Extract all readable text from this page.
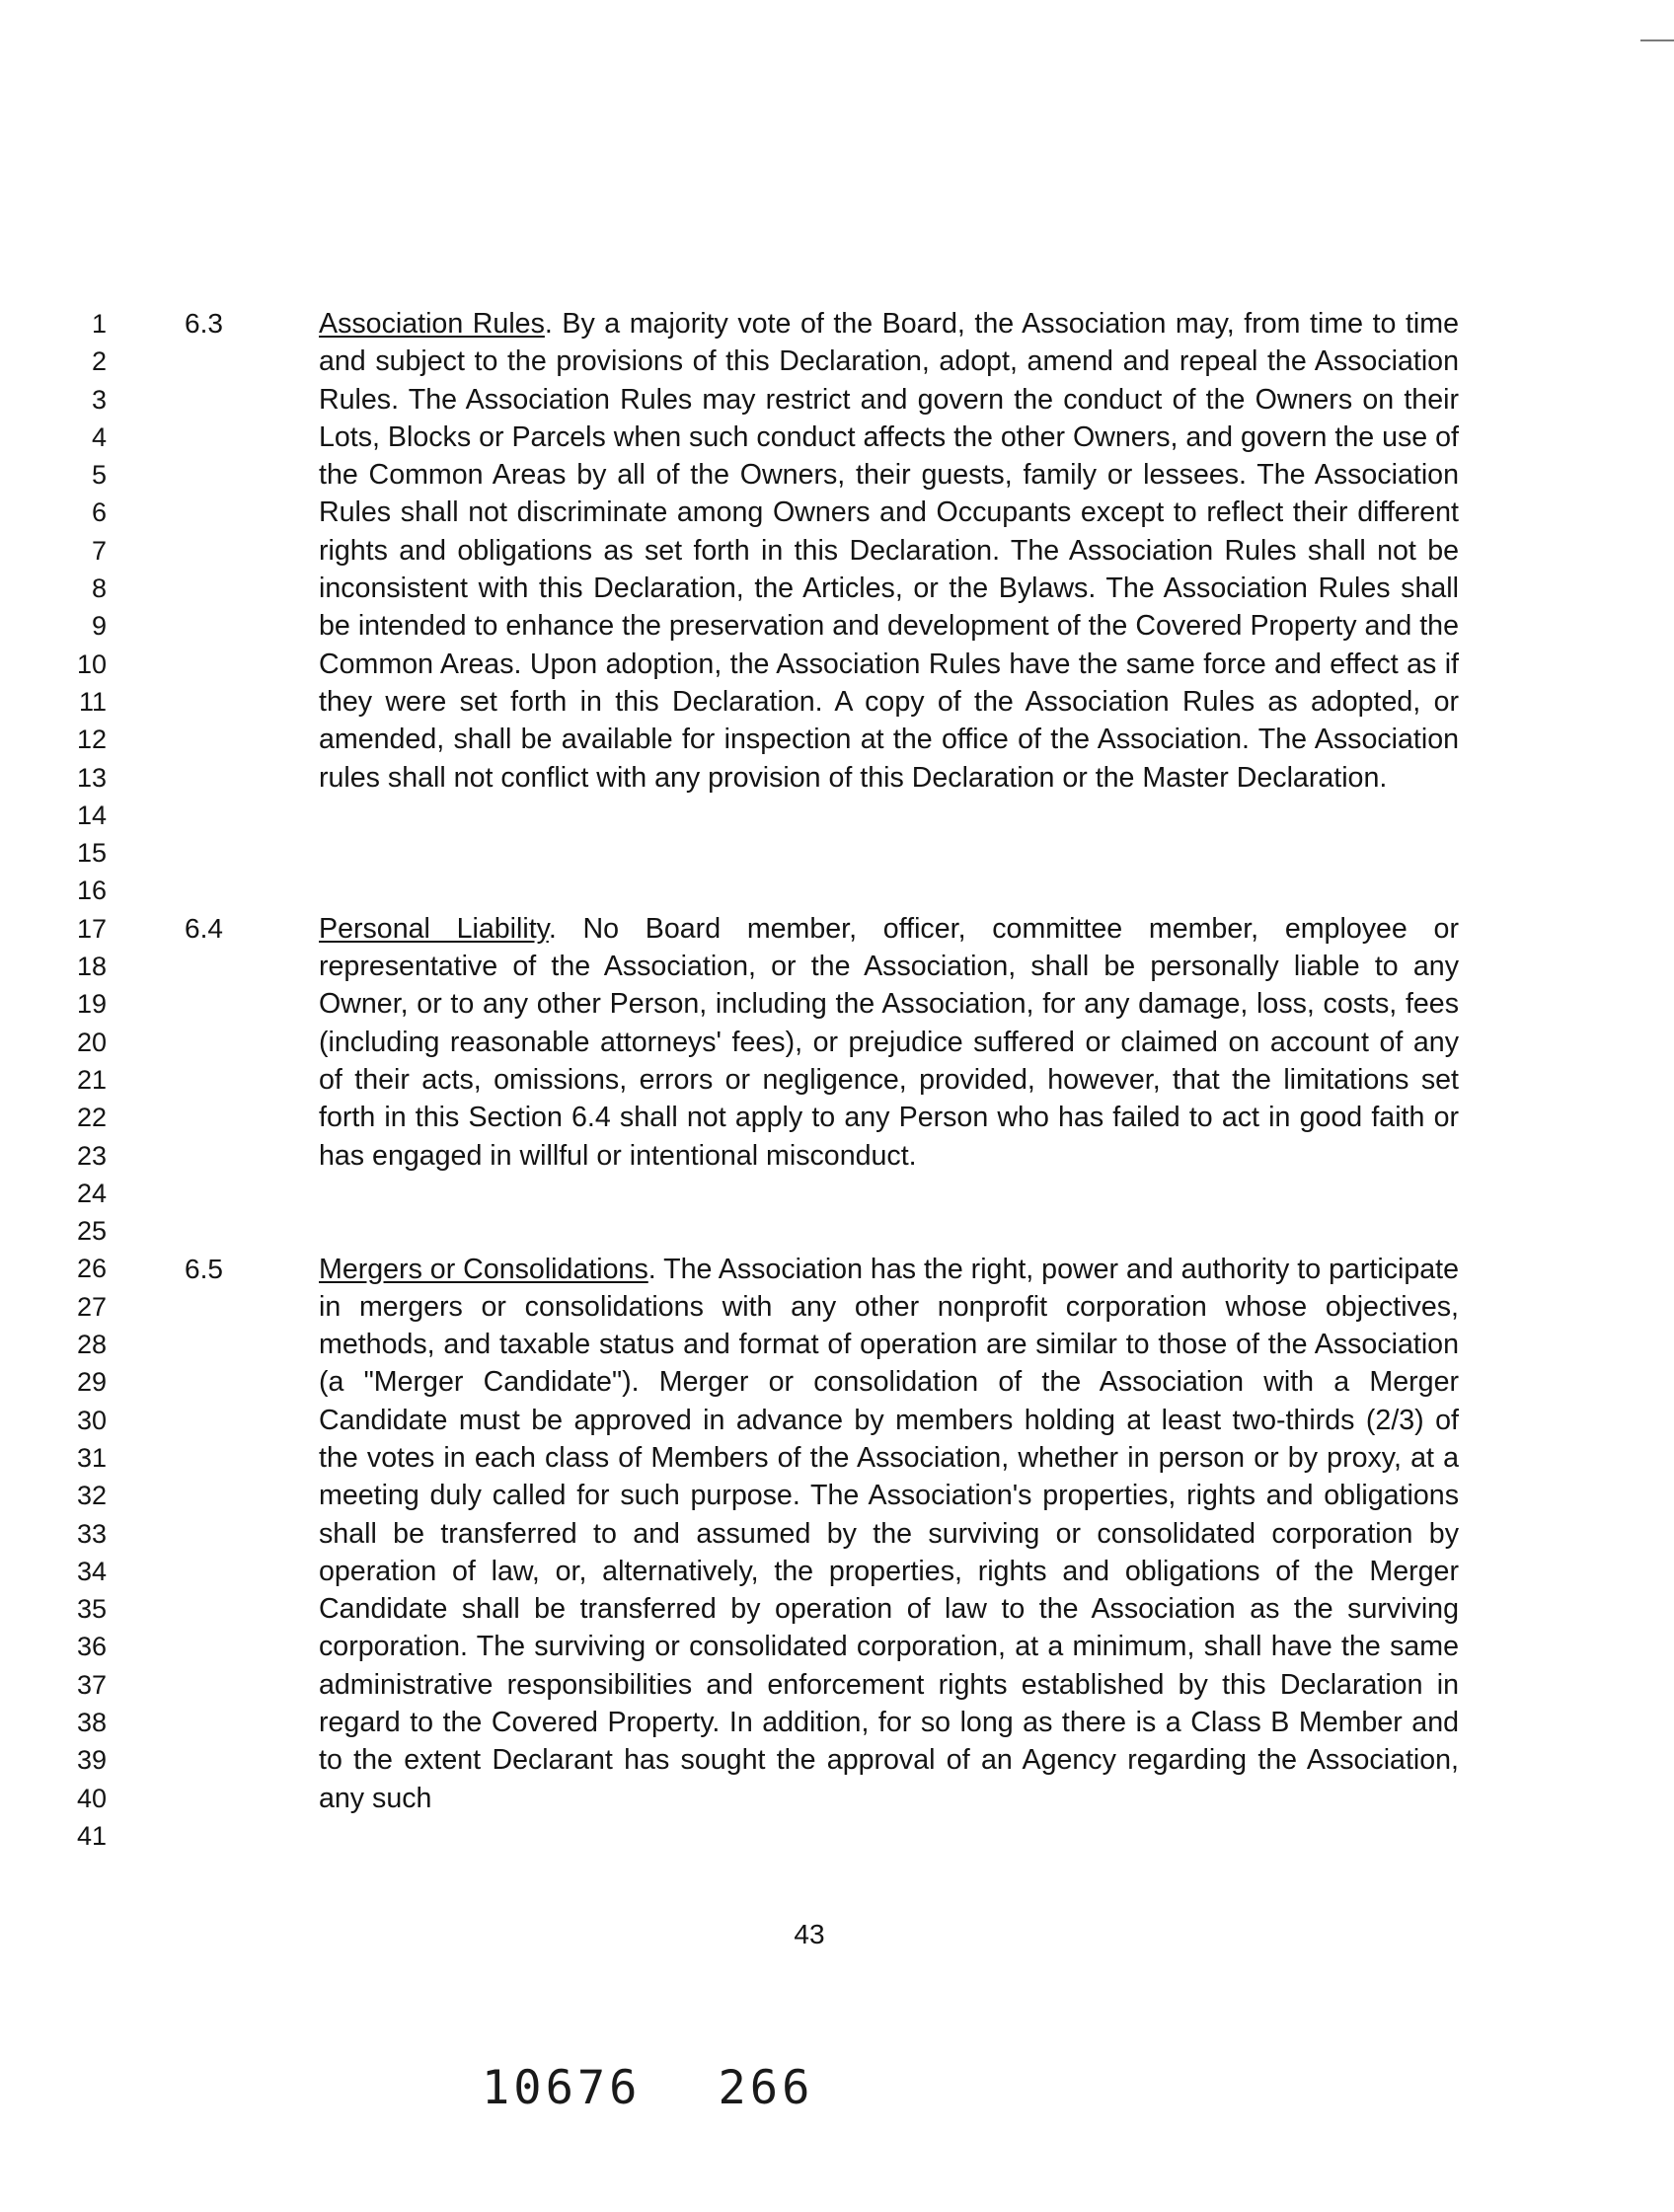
1
2
3
4
5
6
7
8
9
10
11
12
13
14
15
16
17
18
19
20
21
22
23
24
25
26
27
28
29
30
31
32
33
34
35
36
37
38
39
40
41
6.3	Association Rules. By a majority vote of the Board, the Association may, from time to time and subject to the provisions of this Declaration, adopt, amend and repeal the Association Rules. The Association Rules may restrict and govern the conduct of the Owners on their Lots, Blocks or Parcels when such conduct affects the other Owners, and govern the use of the Common Areas by all of the Owners, their guests, family or lessees. The Association Rules shall not discriminate among Owners and Occupants except to reflect their different rights and obligations as set forth in this Declaration. The Association Rules shall not be inconsistent with this Declaration, the Articles, or the Bylaws. The Association Rules shall be intended to enhance the preservation and development of the Covered Property and the Common Areas. Upon adoption, the Association Rules have the same force and effect as if they were set forth in this Declaration. A copy of the Association Rules as adopted, or amended, shall be available for inspection at the office of the Association. The Association rules shall not conflict with any provision of this Declaration or the Master Declaration.
6.4	Personal Liability. No Board member, officer, committee member, employee or representative of the Association, or the Association, shall be personally liable to any Owner, or to any other Person, including the Association, for any damage, loss, costs, fees (including reasonable attorneys' fees), or prejudice suffered or claimed on account of any of their acts, omissions, errors or negligence, provided, however, that the limitations set forth in this Section 6.4 shall not apply to any Person who has failed to act in good faith or has engaged in willful or intentional misconduct.
6.5	Mergers or Consolidations. The Association has the right, power and authority to participate in mergers or consolidations with any other nonprofit corporation whose objectives, methods, and taxable status and format of operation are similar to those of the Association (a "Merger Candidate"). Merger or consolidation of the Association with a Merger Candidate must be approved in advance by members holding at least two-thirds (2/3) of the votes in each class of Members of the Association, whether in person or by proxy, at a meeting duly called for such purpose. The Association's properties, rights and obligations shall be transferred to and assumed by the surviving or consolidated corporation by operation of law, or, alternatively, the properties, rights and obligations of the Merger Candidate shall be transferred by operation of law to the Association as the surviving corporation. The surviving or consolidated corporation, at a minimum, shall have the same administrative responsibilities and enforcement rights established by this Declaration in regard to the Covered Property. In addition, for so long as there is a Class B Member and to the extent Declarant has sought the approval of an Agency regarding the Association, any such
43
10676 266
